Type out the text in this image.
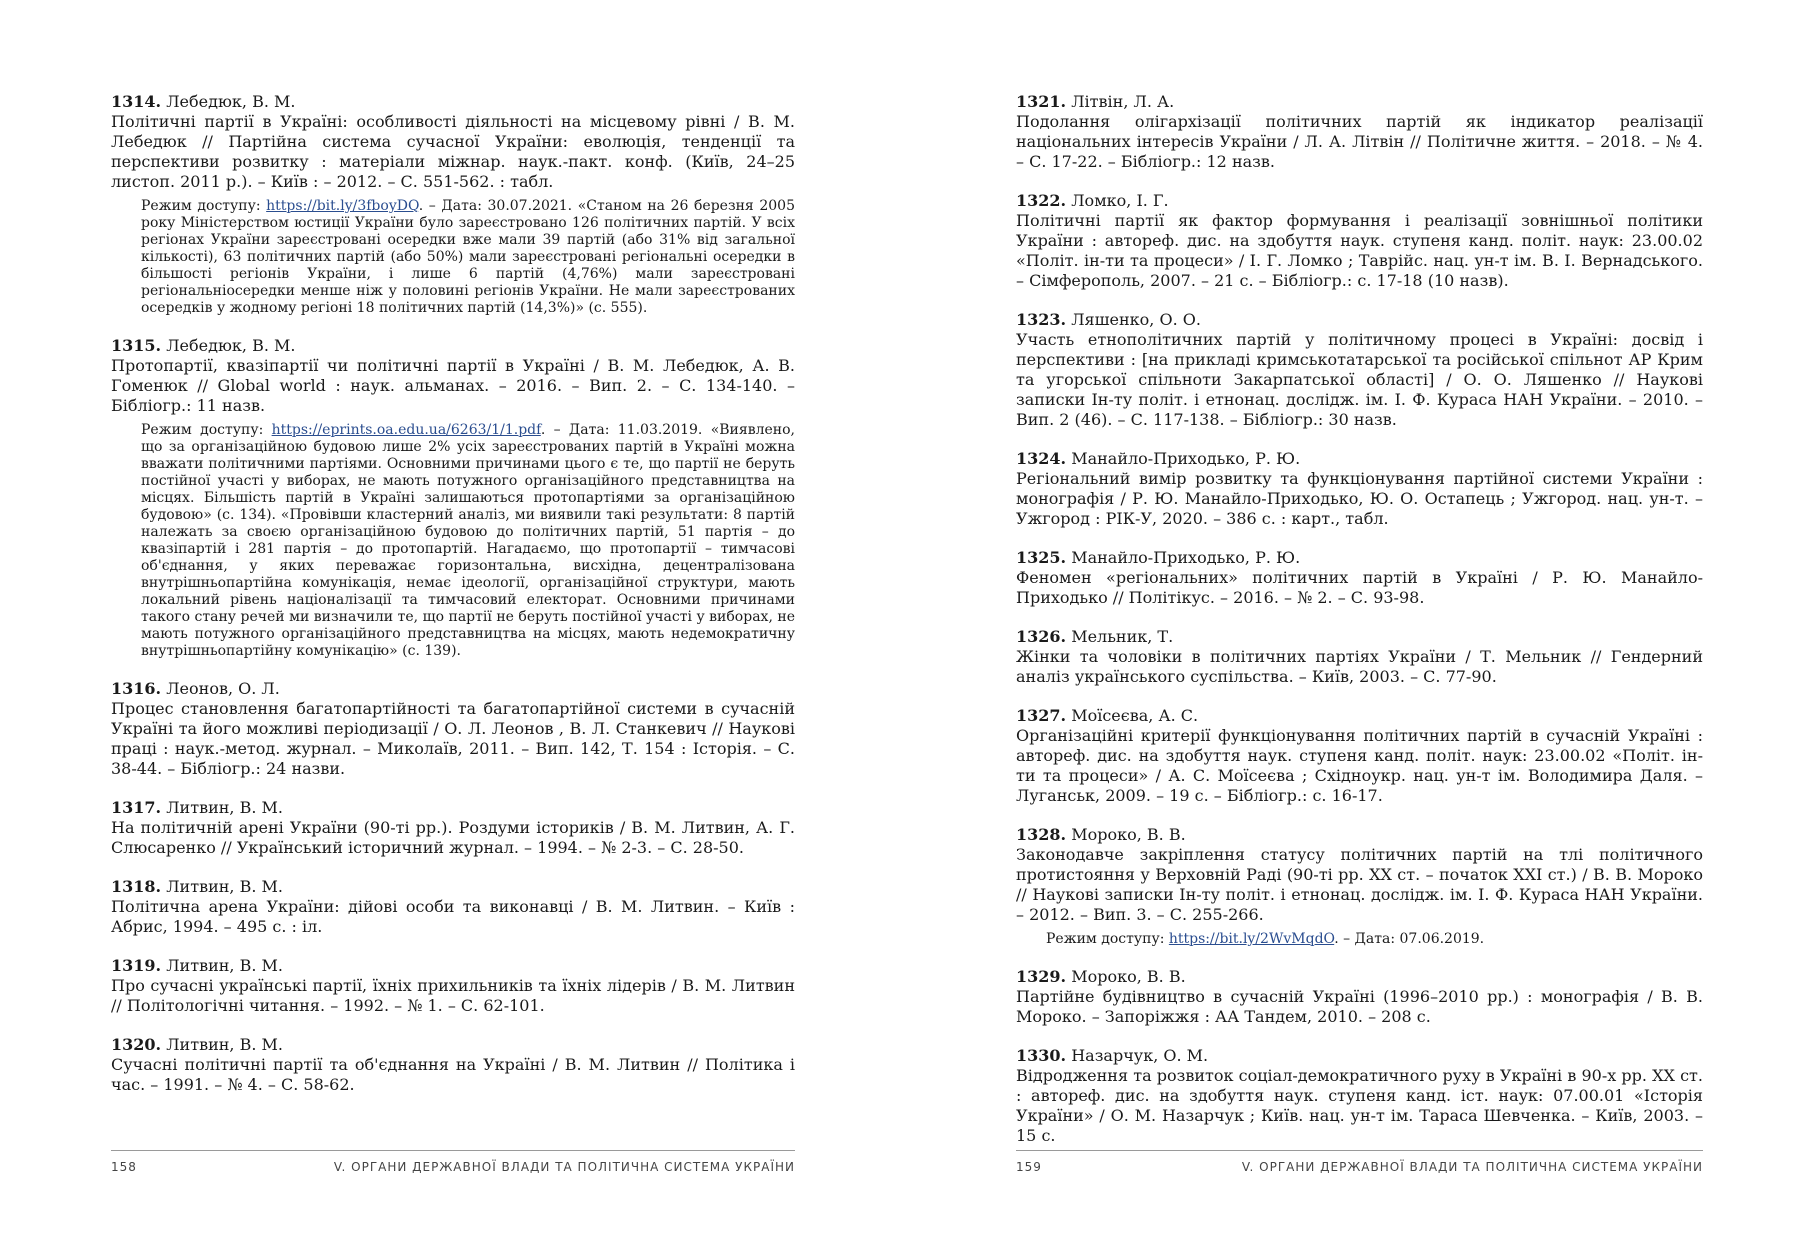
1314. Лебедюк, В. М.

Політичні партії в Україні: особливості діяльності на місцевому рівні / В. М. Лебедюк // Партійна система сучасної України: еволюція, тенденції та перспективи розвитку : матеріали міжнар. наук.-пакт. конф. (Київ, 24–25 листоп. 2011 р.). – Київ : – 2012. – С. 551-562. : табл.

Режим доступу: https://bit.ly/3fboyDQ. – Дата: 30.07.2021. «Станом на 26 березня 2005 року Міністерством юстиції України було зареєстровано 126 політичних партій. У всіх регіонах України зареєстровані осередки вже мали 39 партій (або 31% від загальної кількості), 63 політичних партій (або 50%) мали зареєстровані регіональні осередки в більшості регіонів України, і лише 6 партій (4,76%) мали зареєстровані регіональніосередки менше ніж у половині регіонів України. Не мали зареєстрованих осередків у жодному регіоні 18 політичних партій (14,3%)» (с. 555).

1315. Лебедюк, В. М.

Протопартії, квазіпартії чи політичні партії в Україні / В. М. Лебедюк, А. В. Гоменюк // Global world : наук. альманах. – 2016. – Вип. 2. – С. 134-140. – Бібліогр.: 11 назв.

Режим доступу: https://eprints.oa.edu.ua/6263/1/1.pdf. – Дата: 11.03.2019. «Виявлено, що за організаційною будовою лише 2% усіх зареєстрованих партій в Україні можна вважати політичними партіями. Основними причинами цього є те, що партії не беруть постійної участі у виборах, не мають потужного організаційного представництва на місцях. Більшість партій в Україні залишаються протопартіями за організаційною будовою» (с. 134). «Провівши кластерний аналіз, ми виявили такі результати: 8 партій належать за своєю організаційною будовою до політичних партій, 51 партія – до квазіпартій і 281 партія – до протопартій. Нагадаємо, що протопартії – тимчасові об'єднання, у яких переважає горизонтальна, висхідна, децентралізована внутрішньопартійна комунікація, немає ідеології, організаційної структури, мають локальний рівень націоналізації та тимчасовий електорат. Основними причинами такого стану речей ми визначили те, що партії не беруть постійної участі у виборах, не мають потужного організаційного представництва на місцях, мають недемократичну внутрішньопартійну комунікацію» (с. 139).

1316. Леонов, О. Л.

Процес становлення багатопартійності та багатопартійної системи в сучасній Україні та його можливі періодизації / О. Л. Леонов , В. Л. Станкевич // Наукові праці : наук.-метод. журнал. – Миколаїв, 2011. – Вип. 142, Т. 154 : Історія. – С. 38-44. – Бібліогр.: 24 назви.

1317. Литвин, В. М.

На політичній арені України (90-ті рр.). Роздуми істориків / В. М. Литвин, А. Г. Слюсаренко // Український історичний журнал. – 1994. – № 2-3. – С. 28-50.

1318. Литвин, В. М.

Політична арена України: дійові особи та виконавці / В. М. Литвин. – Київ : Абрис, 1994. – 495 с. : іл.

1319. Литвин, В. М.

Про сучасні українські партії, їхніх прихильників та їхніх лідерів / В. М. Литвин // Політологічні читання. – 1992. – № 1. – С. 62-101.

1320. Литвин, В. М.

Сучасні політичні партії та об'єднання на Україні / В. М. Литвин // Політика і час. – 1991. – № 4. – С. 58-62.

158	V. ОРГАНИ ДЕРЖАВНОЇ ВЛАДИ ТА ПОЛІТИЧНА СИСТЕМА УКРАЇНИ

1321. Літвін, Л. А.

Подолання олігархізації політичних партій як індикатор реалізації національних інтересів України / Л. А. Літвін // Політичне життя. – 2018. – № 4. – С. 17-22. – Бібліогр.: 12 назв.

1322. Ломко, І. Г.

Політичні партії як фактор формування і реалізації зовнішньої політики України : автореф. дис. на здобуття наук. ступеня канд. політ. наук: 23.00.02 «Політ. ін-ти та процеси» / І. Г. Ломко ; Таврійс. нац. ун-т ім. В. І. Вернадського. – Сімферополь, 2007. – 21 с. – Бібліогр.: с. 17-18 (10 назв).

1323. Ляшенко, О. О.

Участь етнополітичних партій у політичному процесі в Україні: досвід і перспективи : [на прикладі кримськотатарської та російської спільнот АР Крим та угорської спільноти Закарпатської області] / О. О. Ляшенко // Наукові записки Ін-ту політ. і етнонац. дослідж. ім. І. Ф. Кураса НАН України. – 2010. – Вип. 2 (46). – С. 117-138. – Бібліогр.: 30 назв.

1324. Манайло-Приходько, Р. Ю.

Регіональний вимір розвитку та функціонування партійної системи України : монографія / Р. Ю. Манайло-Приходько, Ю. О. Остапець ; Ужгород. нац. ун-т. – Ужгород : РІК-У, 2020. – 386 с. : карт., табл.

1325. Манайло-Приходько, Р. Ю.

Феномен «регіональних» політичних партій в Україні / Р. Ю. Манайло-Приходько // Політікус. – 2016. – № 2. – С. 93-98.

1326. Мельник, Т.

Жінки та чоловіки в політичних партіях України / Т. Мельник // Гендерний аналіз українського суспільства. – Київ, 2003. – С. 77-90.

1327. Моїсеєва, А. С.

Організаційні критерії функціонування політичних партій в сучасній Україні : автореф. дис. на здобуття наук. ступеня канд. політ. наук: 23.00.02 «Політ. ін-ти та процеси» / А. С. Моїсеєва ; Східноукр. нац. ун-т ім. Володимира Даля. – Луганськ, 2009. – 19 с. – Бібліогр.: с. 16-17.

1328. Мороко, В. В.

Законодавче закріплення статусу політичних партій на тлі політичного протистояння у Верховній Раді (90-ті рр. ХХ ст. – початок XXI ст.) / В. В. Мороко // Наукові записки Ін-ту політ. і етнонац. дослідж. ім. І. Ф. Кураса НАН України. – 2012. – Вип. 3. – С. 255-266.

Режим доступу: https://bit.ly/2WvMqdO. – Дата: 07.06.2019.

1329. Мороко, В. В.

Партійне будівництво в сучасній Україні (1996–2010 рр.) : монографія / В. В. Мороко. – Запоріжжя : АА Тандем, 2010. – 208 с.

1330. Назарчук, О. М.

Відродження та розвиток соціал-демократичного руху в Україні в 90-х рр. ХХ ст. : автореф. дис. на здобуття наук. ступеня канд. іст. наук: 07.00.01 «Історія України» / О. М. Назарчук ; Київ. нац. ун-т ім. Тараса Шевченка. – Київ, 2003. – 15 с.

159	V. ОРГАНИ ДЕРЖАВНОЇ ВЛАДИ ТА ПОЛІТИЧНА СИСТЕМА УКРАЇНИ
